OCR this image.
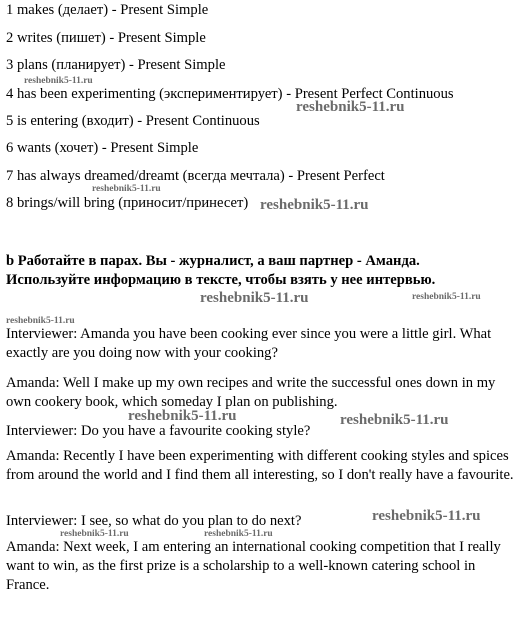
1 makes (делает) - Present Simple
2 writes (пишет) - Present Simple
3 plans (планирует) - Present Simple
4 has been experimenting (экспериментирует) - Present Perfect Continuous
5 is entering (входит) - Present Continuous
6 wants (хочет) - Present Simple
7 has always dreamed/dreamt (всегда мечтала) - Present Perfect
8 brings/will bring (приносит/принесет)
b Работайте в парах. Вы - журналист, а ваш партнер - Аманда.
Используйте информацию в тексте, чтобы взять у нее интервью.
Interviewer: Amanda you have been cooking ever since you were a little girl. What exactly are you doing now with your cooking?
Amanda: Well I make up my own recipes and write the successful ones down in my own cookery book, which someday I plan on publishing.
Interviewer: Do you have a favourite cooking style?
Amanda: Recently I have been experimenting with different cooking styles and spices from around the world and I find them all interesting, so I don't really have a favourite.
Interviewer: I see, so what do you plan to do next?
Amanda: Next week, I am entering an international cooking competition that I really want to win, as the first prize is a scholarship to a well-known catering school in France.
reshebnik5-11.ru
reshebnik5-11.ru
reshebnik5-11.ru
reshebnik5-11.ru
reshebnik5-11.ru	reshebnik5-11.ru
reshebnik5-11.ru
reshebnik5-11.ru	reshebnik5-11.ru
reshebnik5-11.ru
reshebnik5-11.ru	reshebnik5-11.ru
